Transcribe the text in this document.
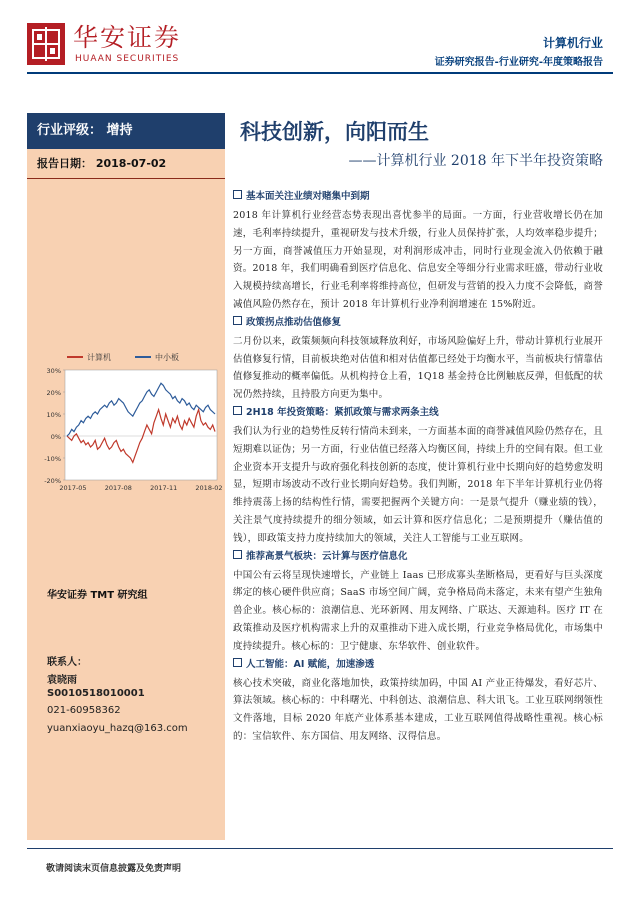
华安证券
HUAAN SECURITIES
计算机行业
证券研究报告-行业研究-年度策略报告
行业评级： 增持
报告日期： 2018-07-02
计算机	中小板
30%
20%
10%
0%
-10%
-20%
2017-05	2017-08	2017-11	2018-02
华安证券 TMT 研究组
联系人：
袁晓雨
S0010518010001
021-60958362
yuanxiaoyu_hazq@163.com
科技创新，向阳而生
——计算机行业 2018 年下半年投资策略
基本面关注业绩对赌集中到期

2018 年计算机行业经营态势表现出喜忧参半的局面。一方面，行业营收增长仍在加速，毛利率持续提升，重视研发与技术升级，行业人员保持扩张，人均效率稳步提升；另一方面，商誉减值压力开始显现，对利润形成冲击，同时行业现金流入仍依赖于融资。2018 年，我们明确看到医疗信息化、信息安全等细分行业需求旺盛，带动行业收入规模持续高增长，行业毛利率将维持高位，但研发与营销的投入力度不会降低，商誉减值风险仍然存在，预计 2018 年计算机行业净利润增速在 15%附近。

政策拐点推动估值修复

二月份以来，政策频频向科技领域释放利好，市场风险偏好上升，带动计算机行业展开估值修复行情，目前板块绝对估值和相对估值都已经处于均衡水平，当前板块行情靠估值修复推动的概率偏低。从机构持仓上看，1Q18 基金持仓比例触底反弹，但低配的状况仍然持续，且持股方向更为集中。

2H18 年投资策略：紧抓政策与需求两条主线

我们认为行业的趋势性反转行情尚未到来，一方面基本面的商誉减值风险仍然存在，且短期难以证伪；另一方面，行业估值已经落入均衡区间，持续上升的空间有限。但工业企业资本开支提升与政府强化科技创新的态度，使计算机行业中长期向好的趋势愈发明显，短期市场波动不改行业长期向好趋势。我们判断，2018 年下半年计算机行业仍将维持震荡上扬的结构性行情，需要把握两个关键方向：一是景气提升（赚业绩的钱），关注景气度持续提升的细分领域，如云计算和医疗信息化；二是预期提升（赚估值的钱），即政策支持力度持续加大的领域，关注人工智能与工业互联网。

推荐高景气板块：云计算与医疗信息化

中国公有云将呈现快速增长，产业链上 Iaas 已形成寡头垄断格局，更看好与巨头深度绑定的核心硬件供应商；SaaS 市场空间广阔，竞争格局尚未落定，未来有望产生独角兽企业。核心标的：浪潮信息、光环新网、用友网络、广联达、天源迪科。医疗 IT 在政策推动及医疗机构需求上升的双重推动下进入成长期，行业竞争格局优化，市场集中度持续提升。核心标的：卫宁健康、东华软件、创业软件。

人工智能：AI 赋能，加速渗透

核心技术突破，商业化落地加快，政策持续加码，中国 AI 产业正待爆发，看好芯片、算法领域。核心标的：中科曙光、中科创达、浪潮信息、科大讯飞。工业互联网纲领性文件落地，目标 2020 年底产业体系基本建成，工业互联网值得战略性重视。核心标的：宝信软件、东方国信、用友网络、汉得信息。

敬请阅读末页信息披露及免责声明
